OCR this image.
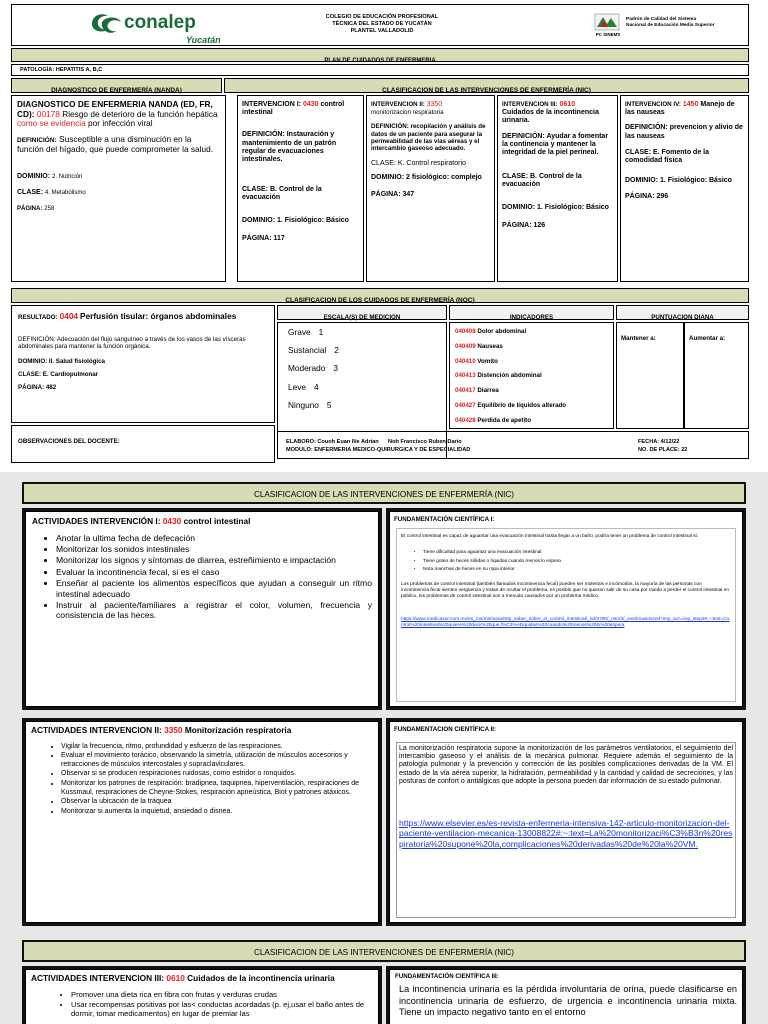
conalep
Yucatán
COLEGIO DE EDUCACIÓN PROFESIONAL
TÉCNICA DEL ESTADO DE YUCATÁN
PLANTEL VALLADOLID
PC SINEMS
Padrón de Calidad del Sistema
Nacional de Educación Media Superior
PLAN DE CUIDADOS DE ENFERMERIA
PATOLOGÍA: HEPATITIS A, B,C
DIAGNOSTICO DE ENFERMERÍA (NANDA)	CLASIFICACION DE LAS INTERVENCIONES DE ENFERMERÍA (NIC)
DIAGNOSTICO DE ENFERMERIA NANDA (ED, FR, CD): 00178 Riesgo de deterioro de la función hepática como se evidencia por infección viral
DEFINICIÓN: Susceptible a una disminución en la función del hígado, que puede comprometer la salud.
DOMINIO: 2. Nutrición
CLASE: 4. Metabolismo
PÁGINA: 258
INTERVENCION I: 0430 control intestinal
DEFINICIÓN: Instauración y mantenimiento de un patrón regular de evacuaciones intestinales.
CLASE: B. Control de la evacuación
DOMINIO: 1. Fisiológico: Básico
PÁGINA: 117
INTERVENCION II: 3350
monitorizacion respiratoria
DEFINICIÓN: recopilación y análisis de datos de un paciente para asegurar la permeabilidad de las vías aéreas y el intercambio gaseoso adecuado.
CLASE: K. Control respiratorio
DOMINIO: 2 fisiológico: complejo
PÁGINA: 347
INTERVENCION III: 0610
Cuidados de la incontinencia urinaria.
DEFINICIÓN: Ayudar a fomentar la continencia y mantener la integridad de la piel perineal.
CLASE: B. Control de la evacuación
DOMINIO: 1. Fisiológico: Básico
PÁGINA: 126
INTERVENCION IV: 1450 Manejo de las nauseas
DEFINICIÓN: prevencion y alivio de las nauseas
CLASE: E. Fomento de la comodidad física
DOMINIO: 1. Fisiológico: Básico
PÁGINA: 296
CLASIFICACION DE LOS CUIDADOS DE ENFERMERÍA (NOC)
RESULTADO: 0404 Perfusión tisular: órganos abdominales
DEFINICIÓN: Adecuación del flujo sanguíneo a través de los vasos de las vísceras abdominales para mantener la función orgánica.
DOMINIO: II. Salud fisiológica
CLASE: E. Cardiopulmonar
PÁGINA: 482
ESCALA(S) DE MEDICION
Grave 1
Sustancial 2
Moderado 3
Leve 4
Ninguno 5
INDICADORES
040408 Dolor abdominal
040409 Nauseas
040410 Vomito
040413 Distención abdominal
040417 Diarrea
040427 Equilibrio de líquidos alterado
040428 Perdida de apetito
PUNTUACION DIANA
Mantener a:	Aumentar a:
OBSERVACIONES DEL DOCENTE:	ELABORO: Couoh Euan Ilie Adrian      Noh Francisco Ruben Dario
MODULO: ENFERMERIA MEDICO-QUIRURGICA Y DE ESPECIALIDAD
FECHA: 4/12/22
NO. DE PLACE: 22
CLASIFICACION DE LAS INTERVENCIONES DE ENFERMERÍA (NIC)
ACTIVIDADES INTERVENCIÓN I: 0430 control intestinal
• Anotar la ultima fecha de defecación
• Monitorizar los sonidos intestinales
• Monitorizar los signos y síntomas de diarrea, estreñimiento e impactación
• Evaluar la incontinencia fecal, si es el caso
• Enseñar al paciente los alimentos específicos que ayudan a conseguir un ritmo intestinal adecuado
• Instruir al paciente/familiares a registrar el color, volumen, frecuencia y consistencia de las heces.
FUNDAMENTACIÓN CIENTÍFICA I:
El control intestinal es capaz de aguantar una evacuación intestinal hasta llegar a un baño, podría tener un problema de control intestinal si:
• Tiene dificultad para aguantar una evacuación intestinal
• Tiene goteo de heces sólidas o líquidas cuando menos lo espera
• Nota manchas de heces en su ropa interior
Los problemas de control intestinal (también llamados incontinencia fecal) pueden ser molestos e incómodos, la mayoría de las personas con incontinencia fecal sienten vergüenza y tratan de ocultar el problema, es posible que no quieran salir de su casa por miedo a perder el control intestinal en público, los problemas de control intestinal son a menudo causados por un problema médico.
https://www.medicasur.com.mx/es_mx/ms/meanhttp_saber_sobre_el_control_intestinal/_rid/3790/_mto/3/_exst/maximized?imp_act=imp_step3#:~:text=Control%20intestinal%20quiere%20decir%20que,f%C3%ADquidas%20cuando%20menos%20lo%20espera
ACTIVIDADES INTERVENCION II: 3350 Monitorización respiratoria
• Vigilar la frecuencia, ritmo, profundidad y esfuerzo de las respiraciones.
• Evaluar el movimiento torácico, observando la simetría, utilización de músculos accesorios y retracciones de músculos intercostales y supraclaviculares.
• Observar si se producen respiraciones ruidosas, como estridor o ronquidos.
• Monitorizar los patrones de respiración: bradipnea, taquipnea, hiperventilación, respiraciones de Kussmaul, respiraciones de Cheyne-Stokes, respiración apneústica, Biot y patrones atáxicos.
• Observar la ubicación de la tráquea
• Monitorizar si aumenta la inquietud, ansiedad o disnea.
FUNDAMENTACION CIENTÍFICA II:
La monitorización respiratoria supone la monitorización de los parámetros ventilatorios, el seguimiento del intercambio gaseoso y el análisis de la mecánica pulmonar. Requiere además el seguimiento de la patología pulmonar y la prevención y corrección de las posibles complicaciones derivadas de la VM. El estado de la vía aérea superior, la hidratación, permeabilidad y la cantidad y calidad de secreciones, y las posturas de confort o antiálgicas que adopte la persona pueden dar información de su estado pulmonar.
https://www.elsevier.es/es-revista-enfermeria-intensiva-142-articulo-monitorizacion-del-paciente-ventilacion-mecanica-13008822#:~:text=La%20monitorizaci%C3%B3n%20respiratoria%20supone%20la,complicaciones%20derivadas%20de%20la%20VM.
CLASIFICACION DE LAS INTERVENCIONES DE ENFERMERÍA (NIC)
ACTIVIDADES INTERVENCION III: 0610 Cuidados de la incontinencia urinaria
• Promover una dieta rica en fibra con frutas y verduras crudas
• Usar recompensas positivas por las< conductas acordadas (p. ej,usar el baño antes de dormir, tomar medicamentos) en lugar de premiar las
FUNDAMENTACIÓN CIENTÍFICA III:
La incontinencia urinaria es la pérdida involuntaria de orina, puede clasificarse en incontinencia urinaria de esfuerzo, de urgencia e incontinencia urinaria mixta. Tiene un impacto negativo tanto en el entorno
